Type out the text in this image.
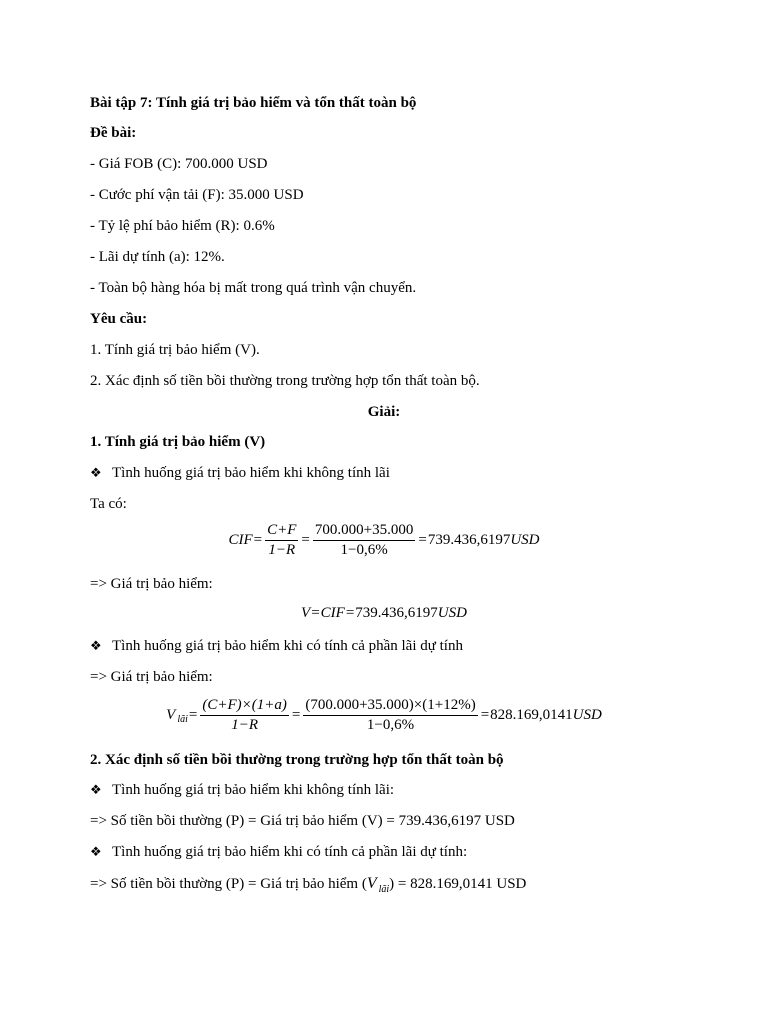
Bài tập 7: Tính giá trị bảo hiểm và tổn thất toàn bộ
Đề bài:
- Giá FOB (C): 700.000 USD
- Cước phí vận tải (F): 35.000 USD
- Tỷ lệ phí bảo hiểm (R): 0.6%
- Lãi dự tính (a): 12%.
- Toàn bộ hàng hóa bị mất trong quá trình vận chuyển.
Yêu cầu:
1. Tính giá trị bảo hiểm (V).
2. Xác định số tiền bồi thường trong trường hợp tổn thất toàn bộ.
Giải:
1. Tính giá trị bảo hiểm (V)
❖ Tình huống giá trị bảo hiểm khi không tính lãi
Ta có:
CIF = $\frac{C+F}{1-R} = \frac{700.000+35.000}{1-0,6\%} = 739.436,6197$ USD
=> Giá trị bảo hiểm:
V = CIF = 739.436,6197 USD
❖ Tình huống giá trị bảo hiểm khi có tính cả phần lãi dự tính
=> Giá trị bảo hiểm:
V lãi = $\frac{(C+F)\times(1+a)}{1-R} = \frac{(700.000+35.000)\times(1+12\%)}{1-0,6\%} = 828.169,0141$ USD
2. Xác định số tiền bồi thường trong trường hợp tổn thất toàn bộ
❖ Tình huống giá trị bảo hiểm khi không tính lãi:
=> Số tiền bồi thường (P) = Giá trị bảo hiểm (V) = 739.436,6197 USD
❖ Tình huống giá trị bảo hiểm khi có tính cả phần lãi dự tính:
=> Số tiền bồi thường (P) = Giá trị bảo hiểm (V $_{lãi}$) = 828.169,0141 USD
